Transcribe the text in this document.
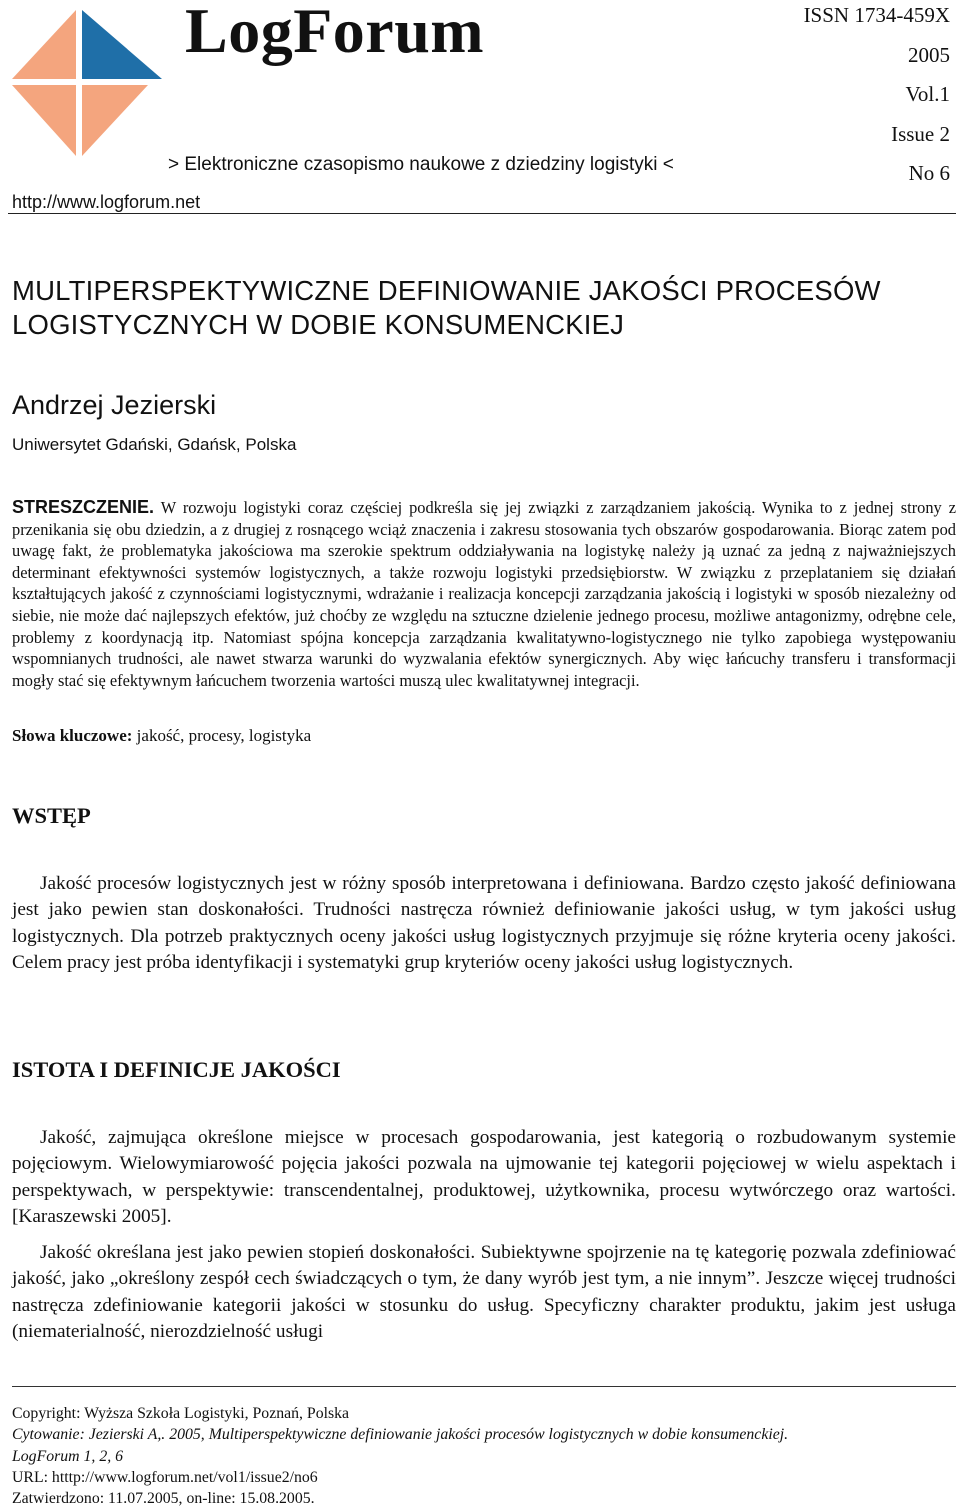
LogForum
> Elektroniczne czasopismo naukowe z dziedziny logistyki <
http://www.logforum.net
ISSN 1734-459X
2005
Vol.1
Issue 2
No 6
MULTIPERSPEKTYWICZNE DEFINIOWANIE JAKOŚCI PROCESÓW
LOGISTYCZNYCH W DOBIE KONSUMENCKIEJ
Andrzej Jezierski
Uniwersytet Gdański, Gdańsk, Polska
STRESZCZENIE. W rozwoju logistyki coraz częściej podkreśla się jej związki z zarządzaniem jakością. Wynika to z jednej strony z przenikania się obu dziedzin, a z drugiej z rosnącego wciąż znaczenia i zakresu stosowania tych obszarów gospodarowania. Biorąc zatem pod uwagę fakt, że problematyka jakościowa ma szerokie spektrum oddziaływania na logistykę należy ją uznać za jedną z najważniejszych determinant efektywności systemów logistycznych, a także rozwoju logistyki przedsiębiorstw. W związku z przeplataniem się działań kształtujących jakość z czynnościami logistycznymi, wdrażanie i realizacja koncepcji zarządzania jakością i logistyki w sposób niezależny od siebie, nie może dać najlepszych efektów, już choćby ze względu na sztuczne dzielenie jednego procesu, możliwe antagonizmy, odrębne cele, problemy z koordynacją itp. Natomiast spójna koncepcja zarządzania kwalitatywno-logistycznego nie tylko zapobiega występowaniu wspomnianych trudności, ale nawet stwarza warunki do wyzwalania efektów synergicznych. Aby więc łańcuchy transferu i transformacji mogły stać się efektywnym łańcuchem tworzenia wartości muszą ulec kwalitatywnej integracji.
Słowa kluczowe: jakość, procesy, logistyka
WSTĘP

Jakość procesów logistycznych jest w różny sposób interpretowana i definiowana. Bardzo często jakość definiowana jest jako pewien stan doskonałości. Trudności nastręcza również definiowanie jakości usług, w tym jakości usług logistycznych. Dla potrzeb praktycznych oceny jakości usług logistycznych przyjmuje się różne kryteria oceny jakości. Celem pracy jest próba identyfikacji i systematyki grup kryteriów oceny jakości usług logistycznych.

ISTOTA I DEFINICJE JAKOŚCI

Jakość, zajmująca określone miejsce w procesach gospodarowania, jest kategorią o rozbudowanym systemie pojęciowym. Wielowymiarowość pojęcia jakości pozwala na ujmowanie tej kategorii pojęciowej w wielu aspektach i perspektywach, w perspektywie: transcendentalnej, produktowej, użytkownika, procesu wytwórczego oraz wartości. [Karaszewski 2005].

Jakość określana jest jako pewien stopień doskonałości. Subiektywne spojrzenie na tę kategorię pozwala zdefiniować jakość, jako „określony zespół cech świadczących o tym, że dany wyrób jest tym, a nie innym”. Jeszcze więcej trudności nastręcza zdefiniowanie kategorii jakości w stosunku do usług. Specyficzny charakter produktu, jakim jest usługa (niematerialność, nierozdzielność usługi

Copyright: Wyższa Szkoła Logistyki, Poznań, Polska
Cytowanie: Jezierski A,. 2005, Multiperspektywiczne definiowanie jakości procesów logistycznych w dobie konsumenckiej.
LogForum 1, 2, 6
URL: htttp://www.logforum.net/vol1/issue2/no6
Zatwierdzono: 11.07.2005, on-line: 15.08.2005.
